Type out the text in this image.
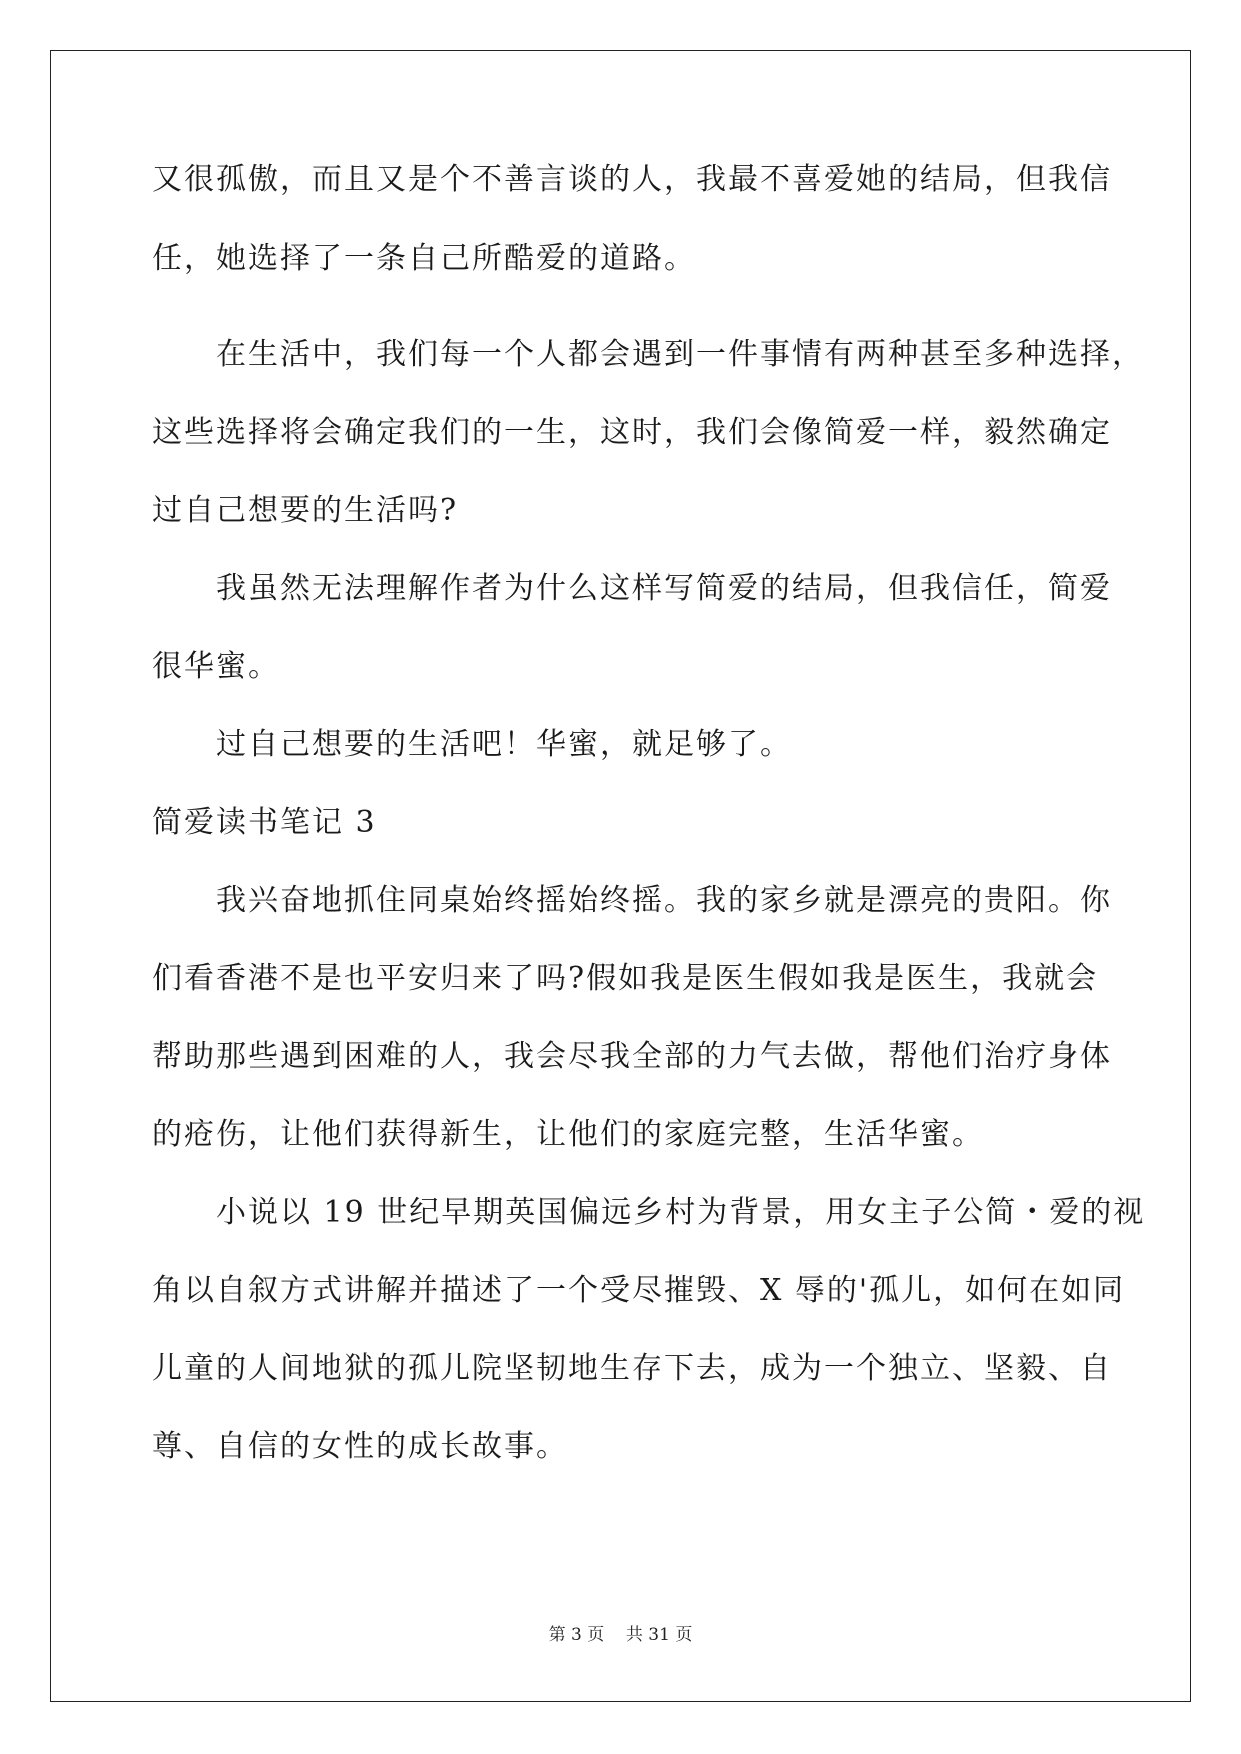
又很孤傲，而且又是个不善言谈的人，我最不喜爱她的结局，但我信
任，她选择了一条自己所酷爱的道路。
在生活中，我们每一个人都会遇到一件事情有两种甚至多种选择，
这些选择将会确定我们的一生，这时，我们会像简爱一样，毅然确定
过自己想要的生活吗?
我虽然无法理解作者为什么这样写简爱的结局，但我信任，简爱
很华蜜。
过自己想要的生活吧！华蜜，就足够了。
简爱读书笔记 3
我兴奋地抓住同桌始终摇始终摇。我的家乡就是漂亮的贵阳。你
们看香港不是也平安归来了吗?假如我是医生假如我是医生，我就会
帮助那些遇到困难的人，我会尽我全部的力气去做，帮他们治疗身体
的疮伤，让他们获得新生，让他们的家庭完整，生活华蜜。
小说以 19 世纪早期英国偏远乡村为背景，用女主子公简・爱的视
角以自叙方式讲解并描述了一个受尽摧毁、X 辱的'孤儿，如何在如同
儿童的人间地狱的孤儿院坚韧地生存下去，成为一个独立、坚毅、自
尊、自信的女性的成长故事。
第 3 页 共 31 页
